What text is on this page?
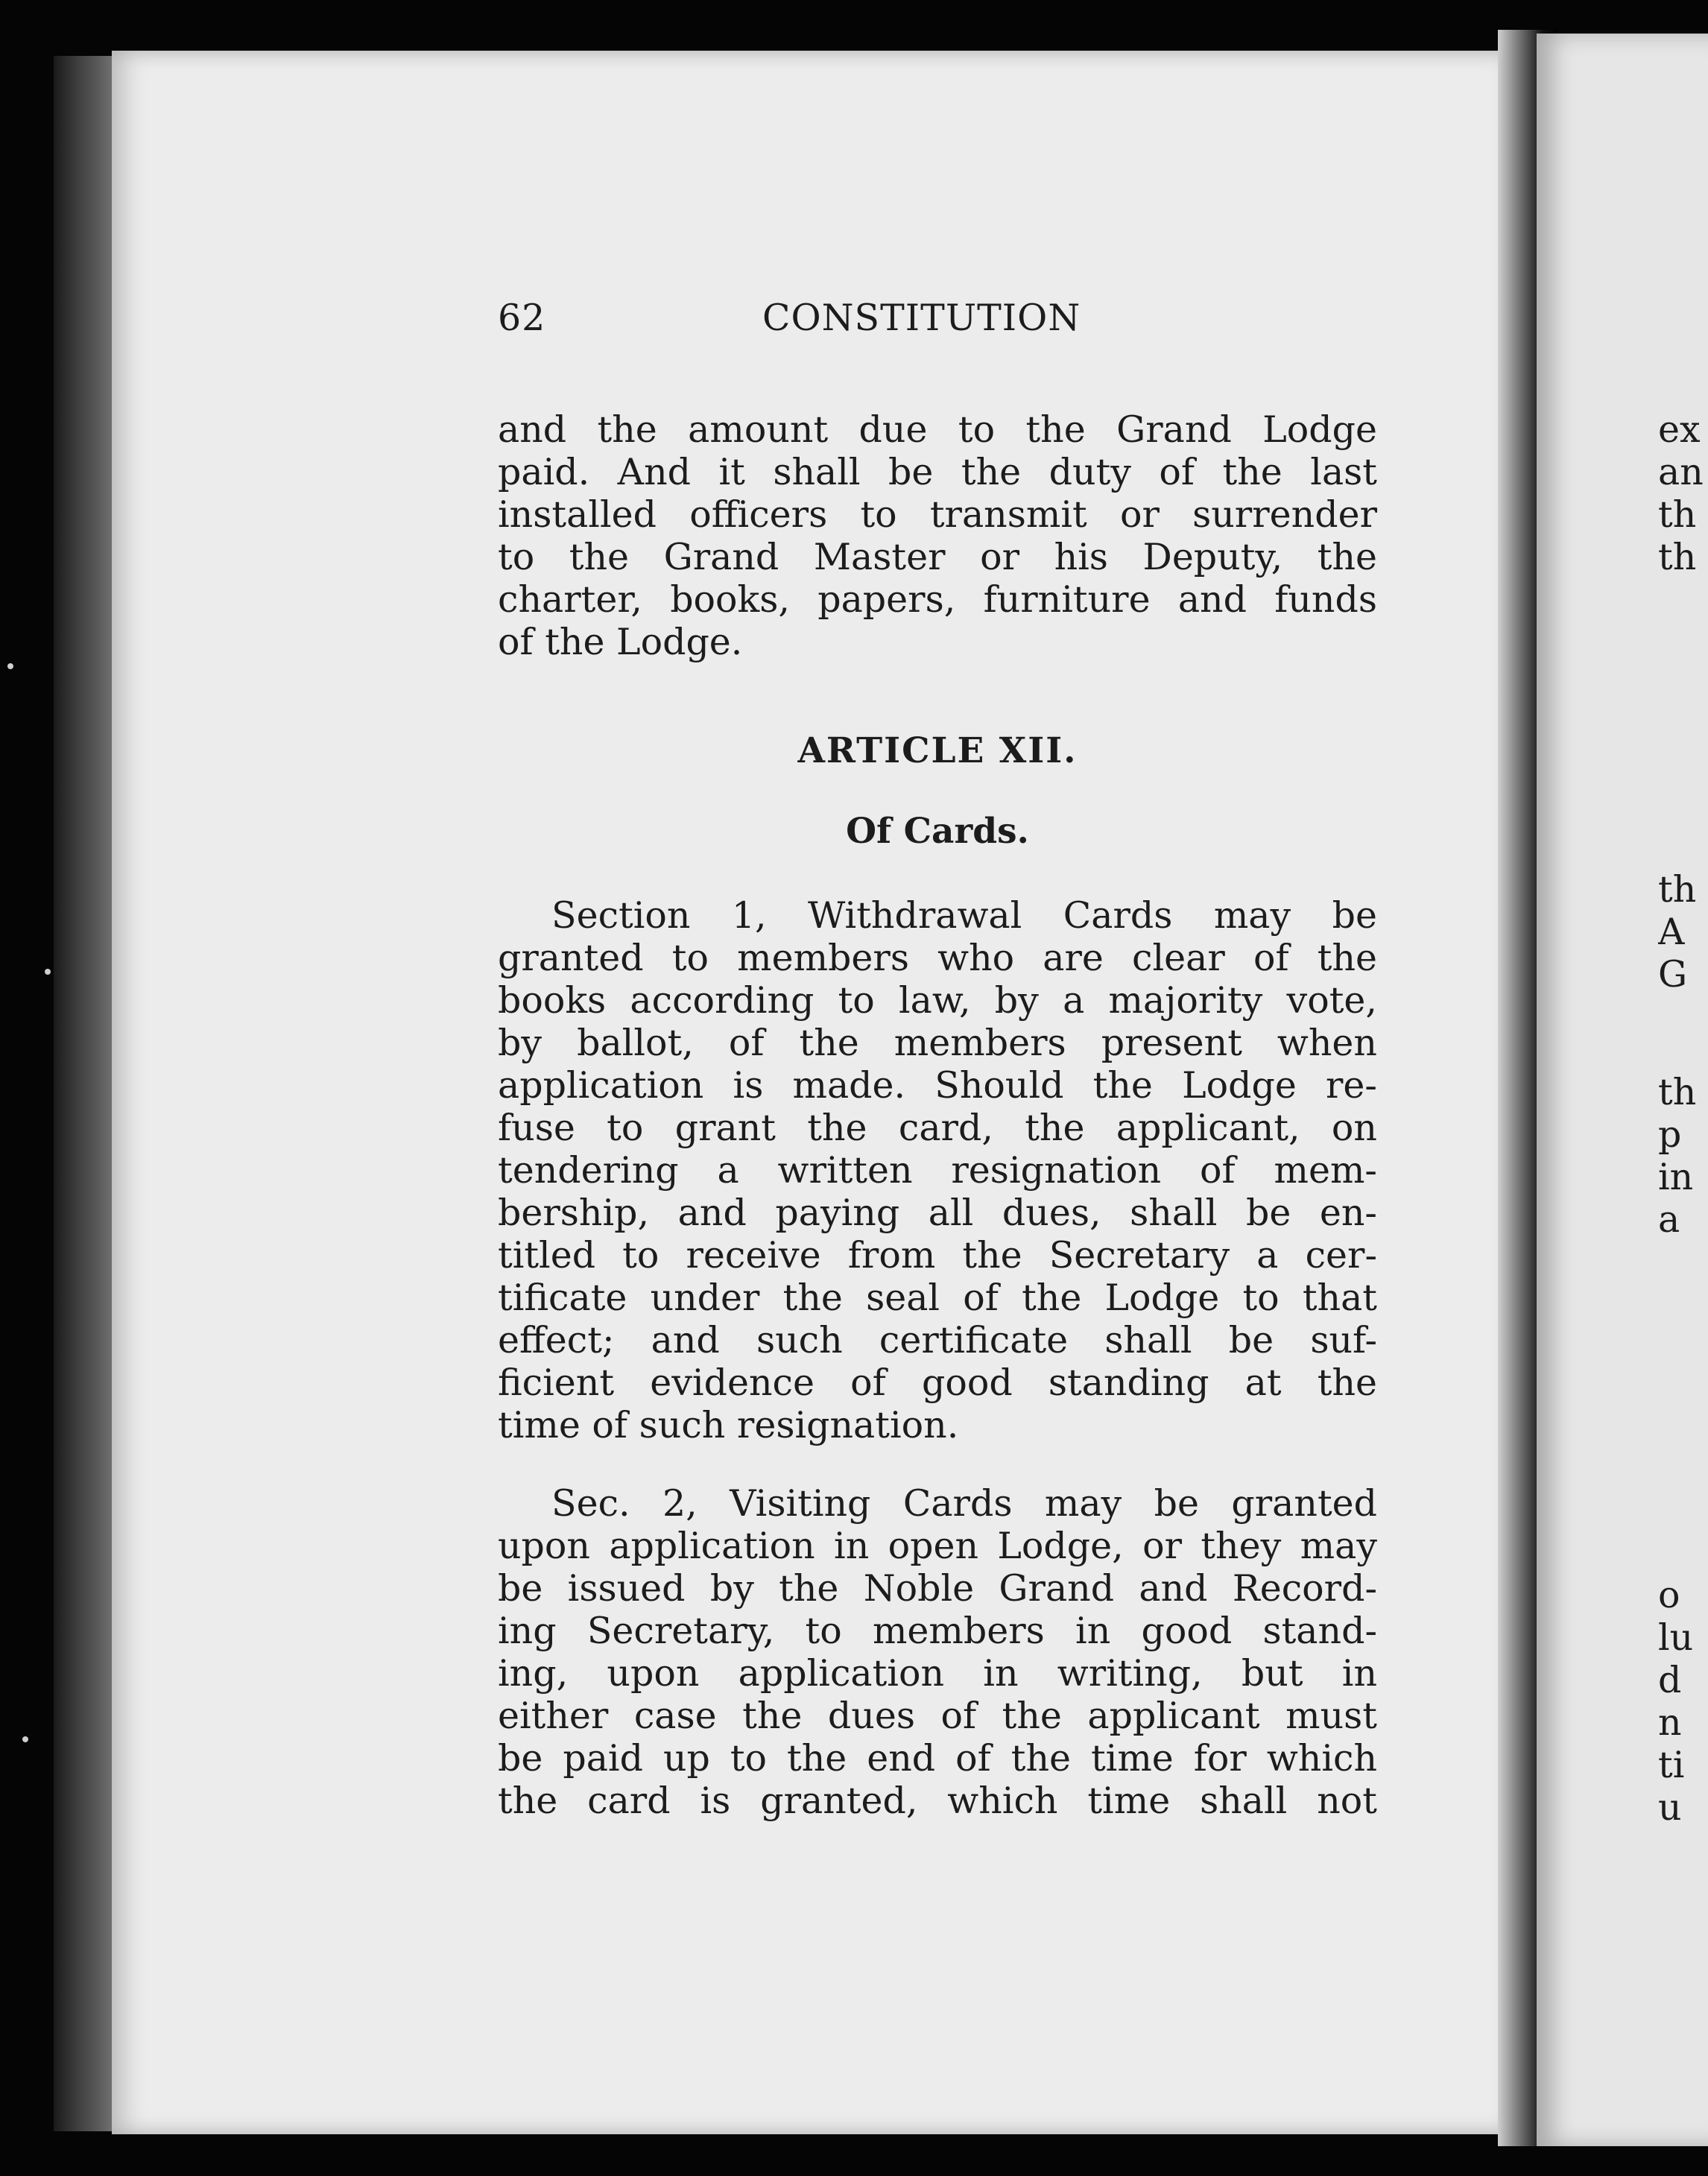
62	CONSTITUTION
and the amount due to the Grand Lodge
paid. And it shall be the duty of the last
installed officers to transmit or surrender
to the Grand Master or his Deputy, the
charter, books, papers, furniture and funds
of the Lodge.
ARTICLE XII.
Of Cards.
Section 1, Withdrawal Cards may be
granted to members who are clear of the
books according to law, by a majority vote,
by ballot, of the members present when
application is made. Should the Lodge re-
fuse to grant the card, the applicant, on
tendering a written resignation of mem-
bership, and paying all dues, shall be en-
titled to receive from the Secretary a cer-
tificate under the seal of the Lodge to that
effect; and such certificate shall be suf-
ficient evidence of good standing at the
time of such resignation.
Sec. 2, Visiting Cards may be granted
upon application in open Lodge, or they may
be issued by the Noble Grand and Record-
ing Secretary, to members in good stand-
ing, upon application in writing, but in
either case the dues of the applicant must
be paid up to the end of the time for which
the card is granted, which time shall not
ex
an
th
th
th
A
G
th
p
in
a
o
lu
d
n
ti
u
